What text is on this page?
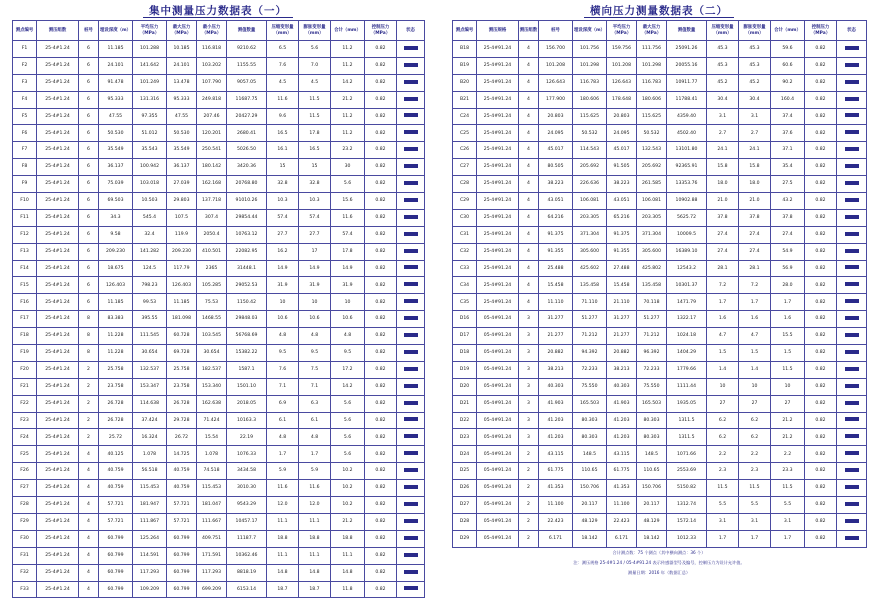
集中测量压力数据表（一）
测点编号	测压组数	桩号	埋设深度（m）	平均压力（MPa）	最大压力（MPa）	最小压力（MPa）	测值数量	压缩变形量（mm）	膨胀变形量（mm）	合计（mm）	控制压力（MPa）	状态
F1	25-4#1.24	6	11.185	101.288	10.185	116.818	9210.62	6.5	5.6	11.2	0.82	
F2	25-4#1.24	6	24.101	141.642	24.101	103.202	1155.55	7.6	7.0	11.2	0.82	
F3	25-4#1.24	6	91.478	101.249	13.478	107.790	9057.05	4.5	4.5	14.2	0.82	
F4	25-4#1.24	6	95.333	131.316	95.333	249.818	11687.75	11.6	11.5	21.2	0.82	
F5	25-4#1.24	6	47.55	97.355	47.55	207.46	20427.29	9.6	11.5	11.2	0.82	
F6	25-4#1.24	6	50.530	51.012	50.530	120.201	2680.41	16.5	17.8	11.2	0.82	
F7	25-4#1.24	6	35.549	35.543	35.549	250.541	5026.50	16.1	16.5	23.2	0.82	
F8	25-4#1.24	6	36.137	100.942	36.137	180.142	3420.36	15	15	30	0.82	
F9	25-4#1.24	6	75.039	103.018	27.039	162.168	20768.80	32.8	32.8	5.6	0.82	
F10	25-4#1.24	6	69.503	10.503	29.803	137.718	91010.26	10.3	10.3	15.6	0.82	
F11	25-4#1.24	6	34.3	545.4	107.5	307.4	29854.44	57.4	57.4	11.6	0.82	
F12	25-4#1.24	6	9.58	32.4	119.9	2050.4	10763.12	27.7	27.7	57.4	0.82	
F13	25-4#1.24	6	209.230	141.282	209.230	410.501	22082.95	16.2	17	17.8	0.82	
F14	25-4#1.24	6	18.675	124.5	117.79	2365	31448.1	14.9	14.9	14.9	0.82	
F15	25-4#1.24	6	126.403	798.23	126.403	105.285	29052.53	31.9	31.9	31.9	0.82	
F16	25-4#1.24	6	11.185	99.53	11.185	75.53	1150.42	10	10	10	0.82	
F17	25-4#1.24	8	83.383	395.55	181.098	1468.55	29848.03	10.6	10.6	10.6	0.82	
F18	25-4#1.24	8	11.228	111.545	60.728	103.545	56768.69	4.8	4.8	4.8	0.82	
F19	25-4#1.24	8	11.228	30.654	69.728	30.654	15382.22	9.5	9.5	9.5	0.82	
F20	25-4#1.24	2	25.758	132.537	25.758	182.537	1587.1	7.6	7.5	17.2	0.82	
F21	25-4#1.24	2	23.758	153.347	23.758	153.340	1501.10	7.1	7.1	14.2	0.82	
F22	25-4#1.24	2	26.728	114.638	26.728	162.638	2018.05	6.9	6.3	5.6	0.82	
F23	25-4#1.24	2	26.728	37.424	29.728	71.424	10163.3	6.1	6.1	5.6	0.82	
F24	25-4#1.24	2	25.72	16.324	26.72	15.54	22.19	4.8	4.8	5.6	0.82	
F25	25-4#1.24	4	40.125	1.078	14.725	1.078	1076.33	1.7	1.7	5.6	0.82	
F26	25-4#1.24	4	40.759	56.518	40.759	74.518	3434.58	5.9	5.9	10.2	0.82	
F27	25-4#1.24	4	40.759	115.453	40.759	115.453	3010.30	11.6	11.6	10.2	0.82	
F28	25-4#1.24	4	57.721	181.947	57.721	181.047	9543.29	12.0	12.0	10.2	0.82	
F29	25-4#1.24	4	57.721	111.867	57.721	111.667	10457.17	11.1	11.1	21.2	0.82	
F30	25-4#1.24	4	60.799	125.264	60.799	409.751	11187.7	18.8	18.8	18.8	0.82	
F31	25-4#1.24	4	60.799	114.591	60.799	171.591	10362.46	11.1	11.1	11.1	0.82	
F32	25-4#1.24	4	60.799	117.293	60.799	117.293	8818.19	14.8	14.8	14.8	0.82	
F33	25-4#1.24	4	60.799	109.209	60.799	699.209	6153.14	18.7	18.7	11.8	0.82	
横向压力测量数据表（二）
测点编号	测压规格	测压组数	桩号	埋设深度（m）	平均压力（MPa）	最大压力（MPa）	测值数量	压缩变形量（mm）	膨胀变形量（mm）	合计（mm）	控制压力（MPa）	状态
B18	25-4#91.24	4	156.700	101.756	159.756	111.756	25091.26	45.3	45.3	59.6	0.82	
B19	25-4#91.24	4	101.208	101.298	101.208	101.298	20055.16	45.3	45.3	60.6	0.82	
B20	25-4#91.24	4	126.643	116.783	126.643	116.783	10911.77	45.2	45.2	90.2	0.82	
B21	25-4#91.24	4	177.900	180.606	178.648	180.606	11788.41	30.4	30.4	160.4	0.82	
C24	25-4#91.24	4	20.803	115.625	20.803	115.625	4359.40	3.1	3.1	37.4	0.82	
C25	25-4#91.24	4	24.095	50.532	24.095	50.532	4502.40	2.7	2.7	37.6	0.82	
C26	25-4#91.24	4	45.017	114.543	45.017	132.543	13101.80	24.1	24.1	37.1	0.82	
C27	25-4#91.24	4	80.505	205.692	91.505	205.692	92365.91	15.8	15.8	35.4	0.82	
C28	25-4#91.24	4	38.223	226.636	38.223	261.585	13353.76	18.0	18.0	27.5	0.82	
C29	25-4#91.24	4	43.051	106.081	43.051	106.081	10902.88	21.0	21.0	43.2	0.82	
C30	25-4#91.24	4	64.216	203.305	65.216	203.305	5625.72	37.8	37.8	37.8	0.82	
C31	25-4#91.24	4	91.375	371.304	91.375	371.304	10009.5	27.4	27.4	27.4	0.82	
C32	25-4#91.24	4	91.355	305.600	91.355	305.600	16389.10	27.4	27.4	54.9	0.82	
C33	25-4#91.24	4	25.488	425.602	27.488	425.802	12543.2	28.1	28.1	56.9	0.82	
C34	25-4#91.24	4	15.458	135.458	15.458	135.458	10301.37	7.2	7.2	28.0	0.82	
C35	25-4#91.24	4	11.110	71.110	21.110	70.118	1471.79	1.7	1.7	1.7	0.82	
D16	05-4#91.24	3	31.277	51.277	31.277	51.277	1322.17	1.6	1.6	1.6	0.82	
D17	05-4#91.24	3	21.277	71.212	21.277	71.212	1024.18	4.7	4.7	15.5	0.82	
D18	05-4#91.24	3	20.882	94.392	20.882	96.392	1404.29	1.5	1.5	1.5	0.82	
D19	05-4#91.24	3	38.213	72.233	38.213	72.233	1779.66	1.4	1.4	11.5	0.82	
D20	05-4#91.24	3	40.303	75.550	40.303	75.550	1111.44	10	10	10	0.82	
D21	05-4#91.24	3	41.903	165.503	41.903	165.503	1935.05	27	27	27	0.82	
D22	05-4#91.24	3	41.203	80.303	41.203	80.303	1311.5	6.2	6.2	21.2	0.82	
D23	05-4#91.24	3	41.203	80.303	41.203	80.303	1311.5	6.2	6.2	21.2	0.82	
D24	05-4#91.24	2	43.115	148.5	43.115	148.5	1071.66	2.2	2.2	2.2	0.82	
D25	05-4#91.24	2	61.775	110.65	61.775	110.65	2553.69	2.3	2.3	23.3	0.82	
D26	05-4#91.24	2	41.353	150.706	41.353	150.706	5150.82	11.5	11.5	11.5	0.82	
D27	05-4#91.24	2	11.100	20.117	11.100	20.117	1312.74	5.5	5.5	5.5	0.82	
D28	05-4#91.24	2	22.423	48.129	22.423	48.129	1572.14	3.1	3.1	3.1	0.82	
D29	05-4#91.24	2	6.171	18.142	6.171	18.142	1012.33	1.7	1.7	1.7	0.82	
合计测点数：75 个测点（其中横向测点：36 个）
注：测压规格 25-4#1.24 / 05-4#91.24 表示传感器型号及编号，控制压力为设计允许值。
测量日期：2016 年（数据汇总）
